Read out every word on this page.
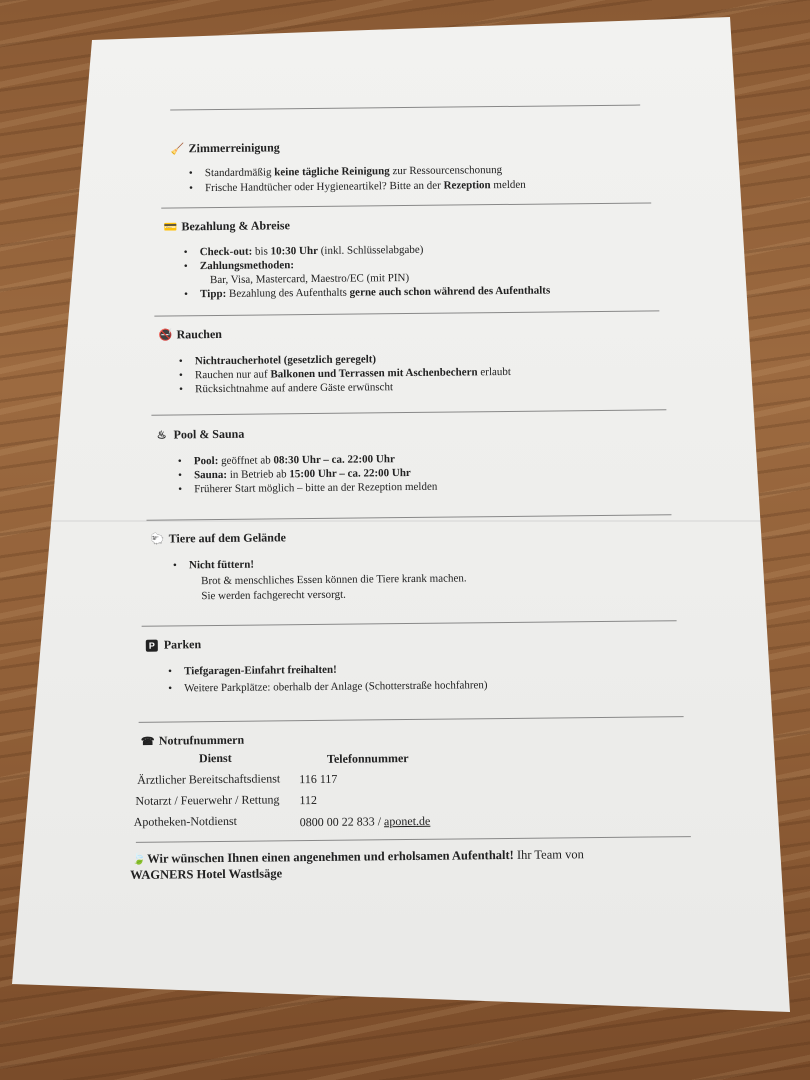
🧹 Zimmerreinigung
• Standardmäßig keine tägliche Reinigung zur Ressourcenschonung
• Frische Handtücher oder Hygieneartikel? Bitte an der Rezeption melden
💳 Bezahlung & Abreise
• Check-out: bis 10:30 Uhr (inkl. Schlüsselabgabe)
• Zahlungsmethoden:
Bar, Visa, Mastercard, Maestro/EC (mit PIN)
• Tipp: Bezahlung des Aufenthalts gerne auch schon während des Aufenthalts
🚭 Rauchen
• Nichtraucherhotel (gesetzlich geregelt)
• Rauchen nur auf Balkonen und Terrassen mit Aschenbechern erlaubt
• Rücksichtnahme auf andere Gäste erwünscht
♨ Pool & Sauna
• Pool: geöffnet ab 08:30 Uhr – ca. 22:00 Uhr
• Sauna: in Betrieb ab 15:00 Uhr – ca. 22:00 Uhr
• Früherer Start möglich – bitte an der Rezeption melden
🐑 Tiere auf dem Gelände
• Nicht füttern!
Brot & menschliches Essen können die Tiere krank machen.
Sie werden fachgerecht versorgt.
P Parken
• Tiefgaragen-Einfahrt freihalten!
• Weitere Parkplätze: oberhalb der Anlage (Schotterstraße hochfahren)
☎ Notrufnummern
Dienst	Telefonnummer
Ärztlicher Bereitschaftsdienst 116 117
Notarzt / Feuerwehr / Rettung 112
Apotheken-Notdienst	0800 00 22 833 / aponet.de
🍃 Wir wünschen Ihnen einen angenehmen und erholsamen Aufenthalt! Ihr Team von
WAGNERS Hotel Wastlsäge
